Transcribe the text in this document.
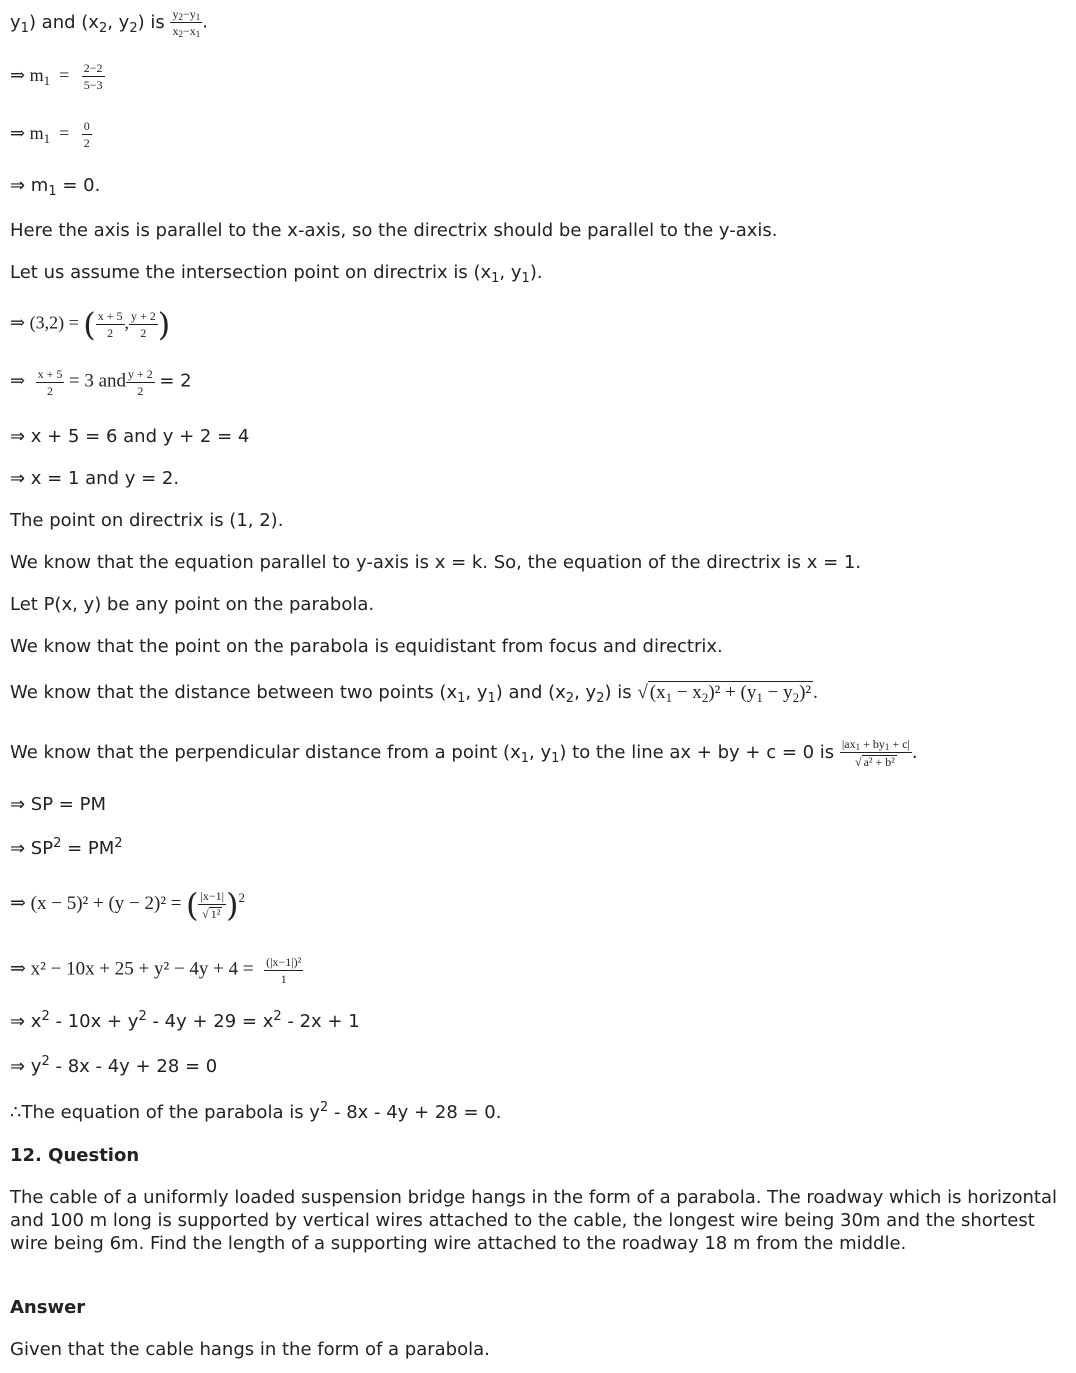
$y_1$) and ($x_2$, $y_2$) is $\frac{y_2-y_1}{x_2-x_1}$ .
⇒ $m_1 = \frac{2-2}{5-3}$
⇒ $m_1 = \frac{0}{2}$
⇒ $m_1 = 0$.
Here the axis is parallel to the x-axis, so the directrix should be parallel to the y-axis.
Let us assume the intersection point on directrix is ($x_1$, $y_1$).
⇒ (3,2) = ( $\frac{x + 5}{2}$ , $\frac{y + 2}{2}$ )
⇒ $\frac{x + 5}{2} = 3$ and $\frac{y + 2}{2} = 2$
⇒ x + 5 = 6 and y + 2 = 4
⇒ x = 1 and y = 2.
The point on directrix is (1, 2).
We know that the equation parallel to y-axis is x = k. So, the equation of the directrix is x = 1.
Let P(x, y) be any point on the parabola.
We know that the point on the parabola is equidistant from focus and directrix.
We know that the distance between two points ($x_1$, $y_1$) and ($x_2$, $y_2$) is √ $(x_1 - x_2)^2 + (y_1 - y_2)^2$ .
We know that the perpendicular distance from a point ($x_1$, $y_1$) to the line ax + by + c = 0 is $\frac{|ax_1 + by_1 + c|}{\text{√ a² + b²}}$ .
⇒ SP = PM
⇒ $SP^2 = PM^2$
⇒ (x − 5)² + (y − 2)² = ( $\frac{|x-1|}{\text{√ 1²}} )^2$
⇒ $x^2 - 10x + 25 + y^2 - 4y + 4 = \frac{\text{(|x−1|)²}}{1}$
⇒ $x^2 - 10x + y^2 - 4y + 29 = x^2 - 2x + 1$
⇒ $y^2 - 8x - 4y + 28 = 0$
∴The equation of the parabola is $y^2 - 8x - 4y + 28 = 0$.
12. Question
The cable of a uniformly loaded suspension bridge hangs in the form of a parabola. The roadway which is horizontal and 100 m long is supported by vertical wires attached to the cable, the longest wire being 30m and the shortest wire being 6m. Find the length of a supporting wire attached to the roadway 18 m from the middle.
Answer
Given that the cable hangs in the form of a parabola.
